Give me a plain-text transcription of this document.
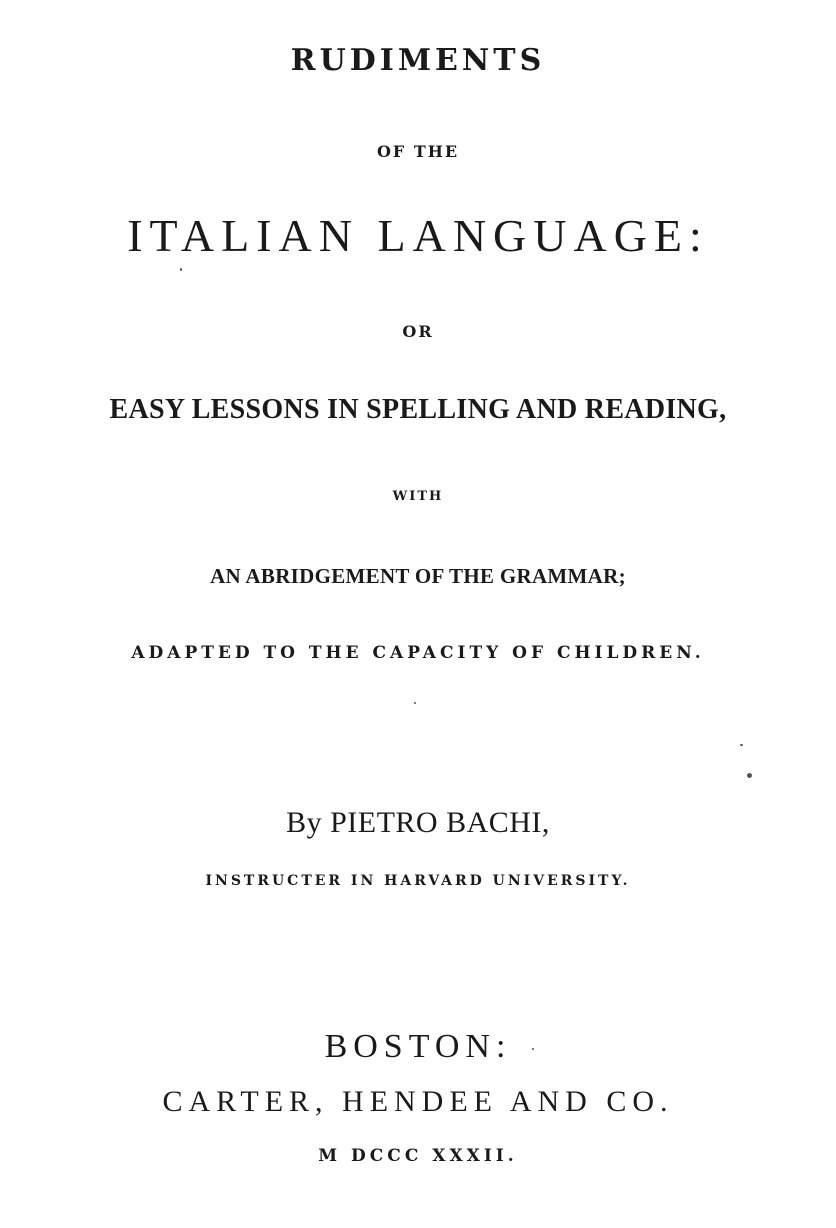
RUDIMENTS
OF THE
ITALIAN LANGUAGE:
OR
EASY LESSONS IN SPELLING AND READING,
WITH
AN ABRIDGEMENT OF THE GRAMMAR;
ADAPTED TO THE CAPACITY OF CHILDREN.
By PIETRO BACHI,
INSTRUCTER IN HARVARD UNIVERSITY.
BOSTON:
CARTER, HENDEE AND CO.
M DCCC XXXII.
